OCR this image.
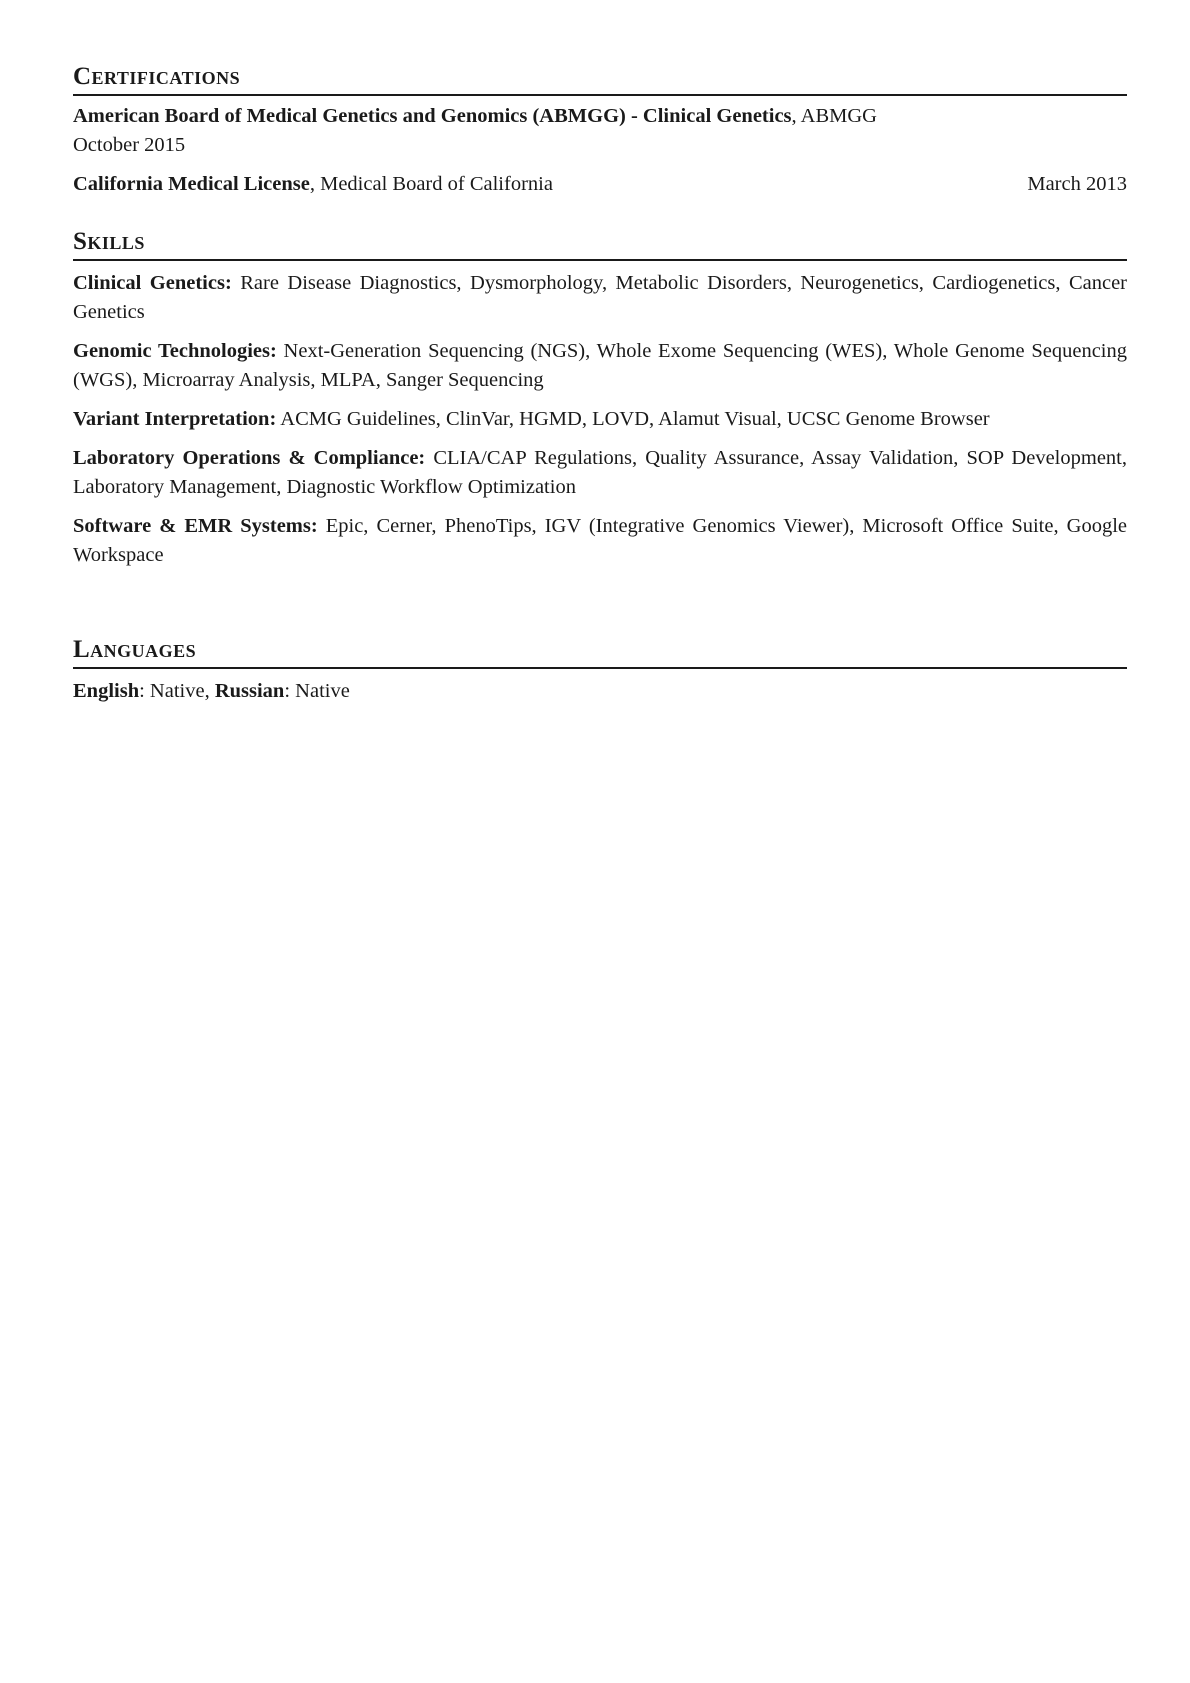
Certifications
American Board of Medical Genetics and Genomics (ABMGG) - Clinical Genetics, ABMGG
October 2015
California Medical License, Medical Board of California	March 2013
Skills
Clinical Genetics: Rare Disease Diagnostics, Dysmorphology, Metabolic Disorders, Neurogenetics, Cardiogenetics, Cancer Genetics
Genomic Technologies: Next-Generation Sequencing (NGS), Whole Exome Sequencing (WES), Whole Genome Sequencing (WGS), Microarray Analysis, MLPA, Sanger Sequencing
Variant Interpretation: ACMG Guidelines, ClinVar, HGMD, LOVD, Alamut Visual, UCSC Genome Browser
Laboratory Operations & Compliance: CLIA/CAP Regulations, Quality Assurance, Assay Validation, SOP Development, Laboratory Management, Diagnostic Workflow Optimization
Software & EMR Systems: Epic, Cerner, PhenoTips, IGV (Integrative Genomics Viewer), Microsoft Office Suite, Google Workspace
Languages
English: Native, Russian: Native
